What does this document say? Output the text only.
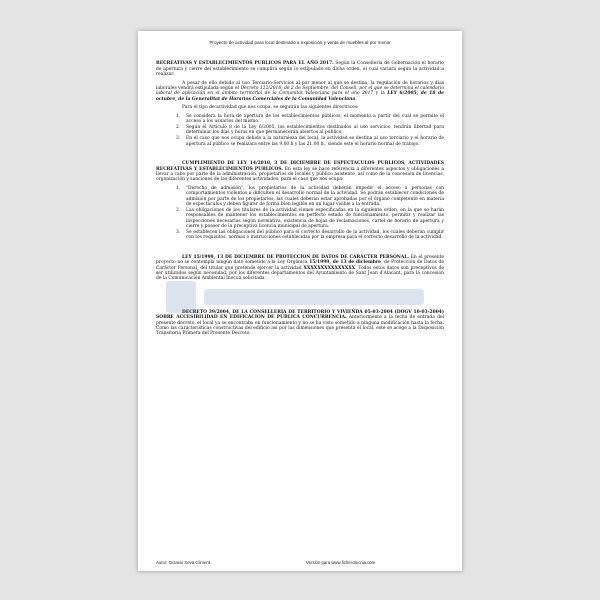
Proyecto de actividad para local destinado a exposición y venta de muebles al por menor

RECREATIVAS Y ESTABLECIMIENTOS PUBLICOS PARA EL AÑO 2017. Según la Conselleria de Gobernación el horario de apertura y cierre del establecimiento se cumplirá según lo estipulado en dicha orden, el cual variara según la actividad a realizar.

A pesar de ello debido al uso Terciario-Servicios al por menor al que se destina, la regulación de horarios y días laborales vendrá estipulada según el Decreto 112/2016, de 2 de Septiembre, del Consell, por el que se determina el calendario laboral de aplicación en el ámbito territorial de la Comunitat Valenciana para el año 2017 y la LEY 6/2005, de 18 de octubre, de la Generalitat de Horarios Comerciales de la Comunidad Valenciana.

Para el tipo de actividad que nos ocupa, se seguirán las siguientes directrices:

1. Se considera la hora de apertura de los establecimientos públicos, el momento a partir del cual se permite el acceso a los usuarios del mismo.
2. Según el Artículo 8 de la Ley 6/2005, los establecimientos destinados al uso servicios, tendrán libertad para determinar los días y horas en que permanecerán abiertos al público.
3. En el caso que nos ocupa debido a la naturaleza del local, la actividad se destina al uso terciario y el horario de apertura al público se realizara entre las 9.00 h y las 21.00 h., siendo este el horario normal de trabajo.

CUMPLIMIENTO DE LEY 14/2010, 3 DE DICIEMBRE DE ESPECTACULOS PUBLICOS, ACTIVIDADES RECREATIVAS Y ESTABLECIMIENTOS PUBLICOS. En esta ley se hace referencia a diferentes aspectos y obligaciones a llevar a cabo por parte de la administración, propietarios de locales y público asistente, así como de la concesión de licencias, organización y sanciones de las diferentes actividades, para el caso que nos ocupa:

1. "Derecho de admisión", los propietarios de la actividad deberán impedir el acceso a personas con comportamientos violentos o dificulten el desarrollo normal de la actividad. Se podrán establecer condiciones de admisión por parte de los propietarios, las cuales deberán estar aprobadas por el órgano competente en materia de espectáculos y deben figurar de forma bien legible en un lugar visible a la entrada.
2. Las obligaciones de los titulares de la actividad vienen especificadas en la siguiente orden, en la que se harán responsables de mantener los establecimientos en perfecto estado de funcionamiento, permitir y realizar las inspecciones necesarias según normativa, existencia de hojas de reclamaciones, cartel de horario de apertura y cierre y poseer de la preceptiva licencia municipal de apertura.
3. Se establecen las obligaciones del público para el correcto desarrollo de la actividad, los cuales deberán cumplir con los requisitos, normas o instrucciones establecidas por la empresa para el correcto desarrollo de la actividad.

LEY 15/1999, 13 DE DICIEMBRE DE PROTECCION DE DATOS DE CARÁCTER PERSONAL. En el presente proyecto no se contempla ningún dato sometido a la Ley Orgánica 15/1999, de 13 de diciembre, de Protección de Datos de Carácter Personal, del titular que pretende ejercer la actividad XXXXXXXXXXXXXXX. Todos estos datos son preceptivos de ser utilizados según necesidad, por los diferentes departamentos del Ayuntamiento de Sant Joan d'Alacant, para la concesión de la Comunicación Ambiental Inocua solicitada.

DECRETO 39/2004, DE LA CONSELLERÍA DE TERRITORIO Y VIVIENDA 05-03-2004 (DOGV 10-03-2004) SOBRE ACCESIBILIDAD EN EDIFICACION DE PÚBLICA CONCURRENCIA. Anteriormente a la fecha de entrada del presente decreto, el local ya se encontraba en funcionamiento y no se ha visto sometido a ninguna modificación hasta la fecha. Como las características constructivas del edificio así por las dimensiones que presenta el local, este se acoge a la Disposición Transitoria Primera del Presente Decreto.

Autor: Octavio Seva Climent	Versión para www.ficherotecnia.com
